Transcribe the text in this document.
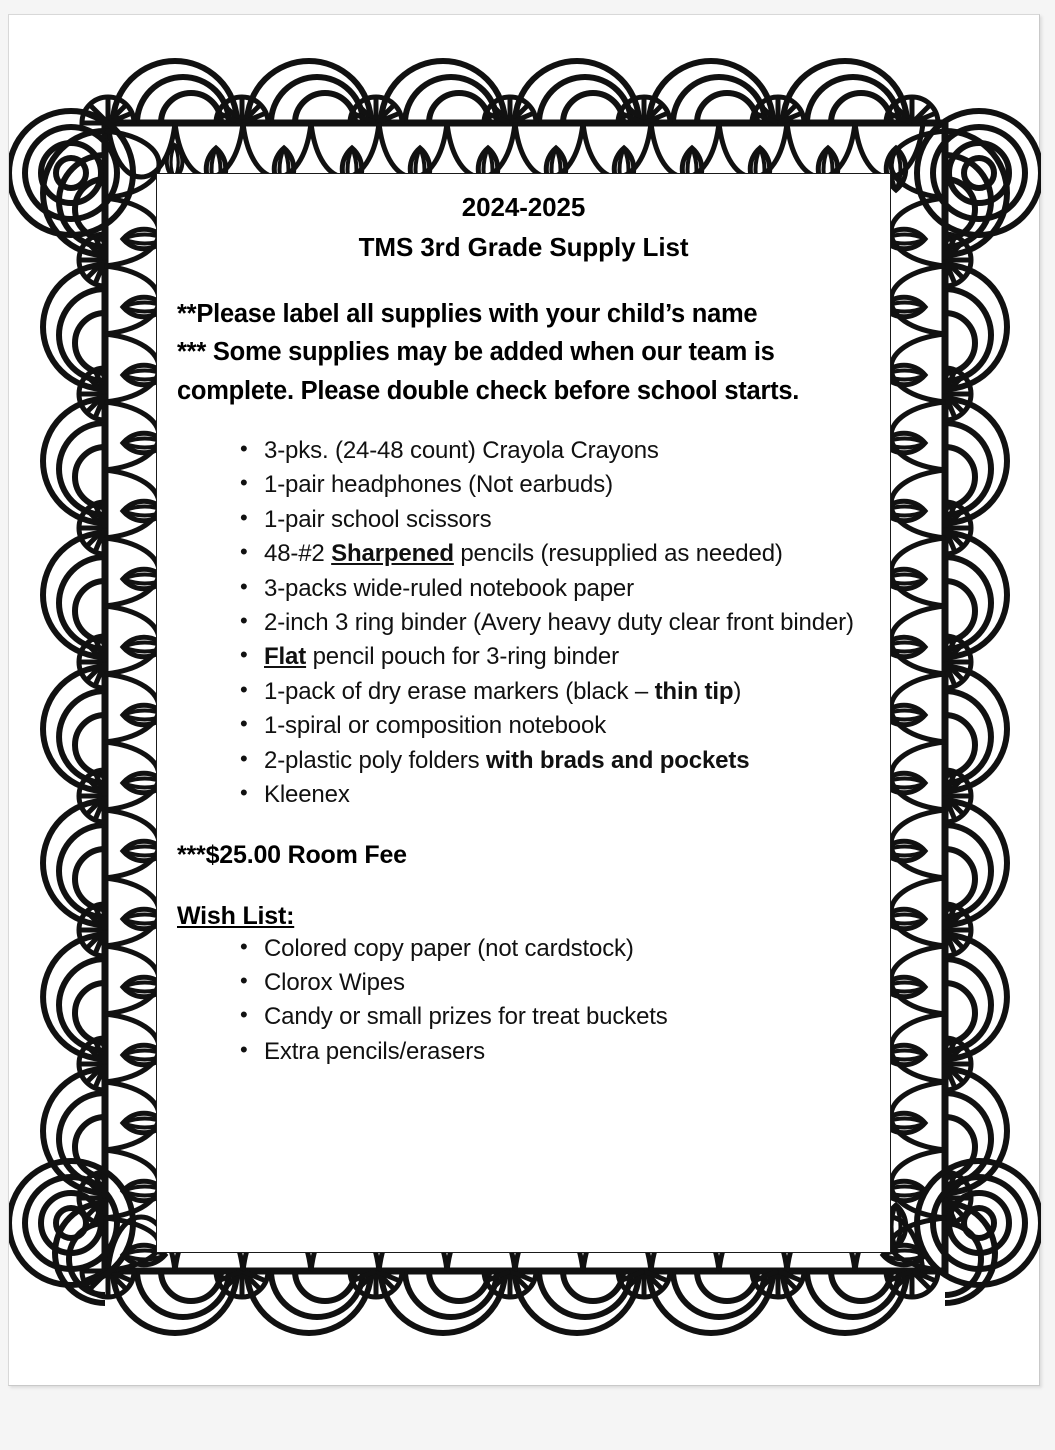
2024-2025
TMS 3rd Grade Supply List
**Please label all supplies with your child’s name
*** Some supplies may be added when our team is
complete. Please double check before school starts.
• 3-pks. (24-48 count) Crayola Crayons
• 1-pair headphones (Not earbuds)
• 1-pair school scissors
• 48-#2 Sharpened pencils (resupplied as needed)
• 3-packs wide-ruled notebook paper
• 2-inch 3 ring binder (Avery heavy duty clear front binder)
• Flat pencil pouch for 3-ring binder
• 1-pack of dry erase markers (black – thin tip)
• 1-spiral or composition notebook
• 2-plastic poly folders with brads and pockets
• Kleenex
***$25.00 Room Fee
Wish List:
• Colored copy paper (not cardstock)
• Clorox Wipes
• Candy or small prizes for treat buckets
• Extra pencils/erasers
